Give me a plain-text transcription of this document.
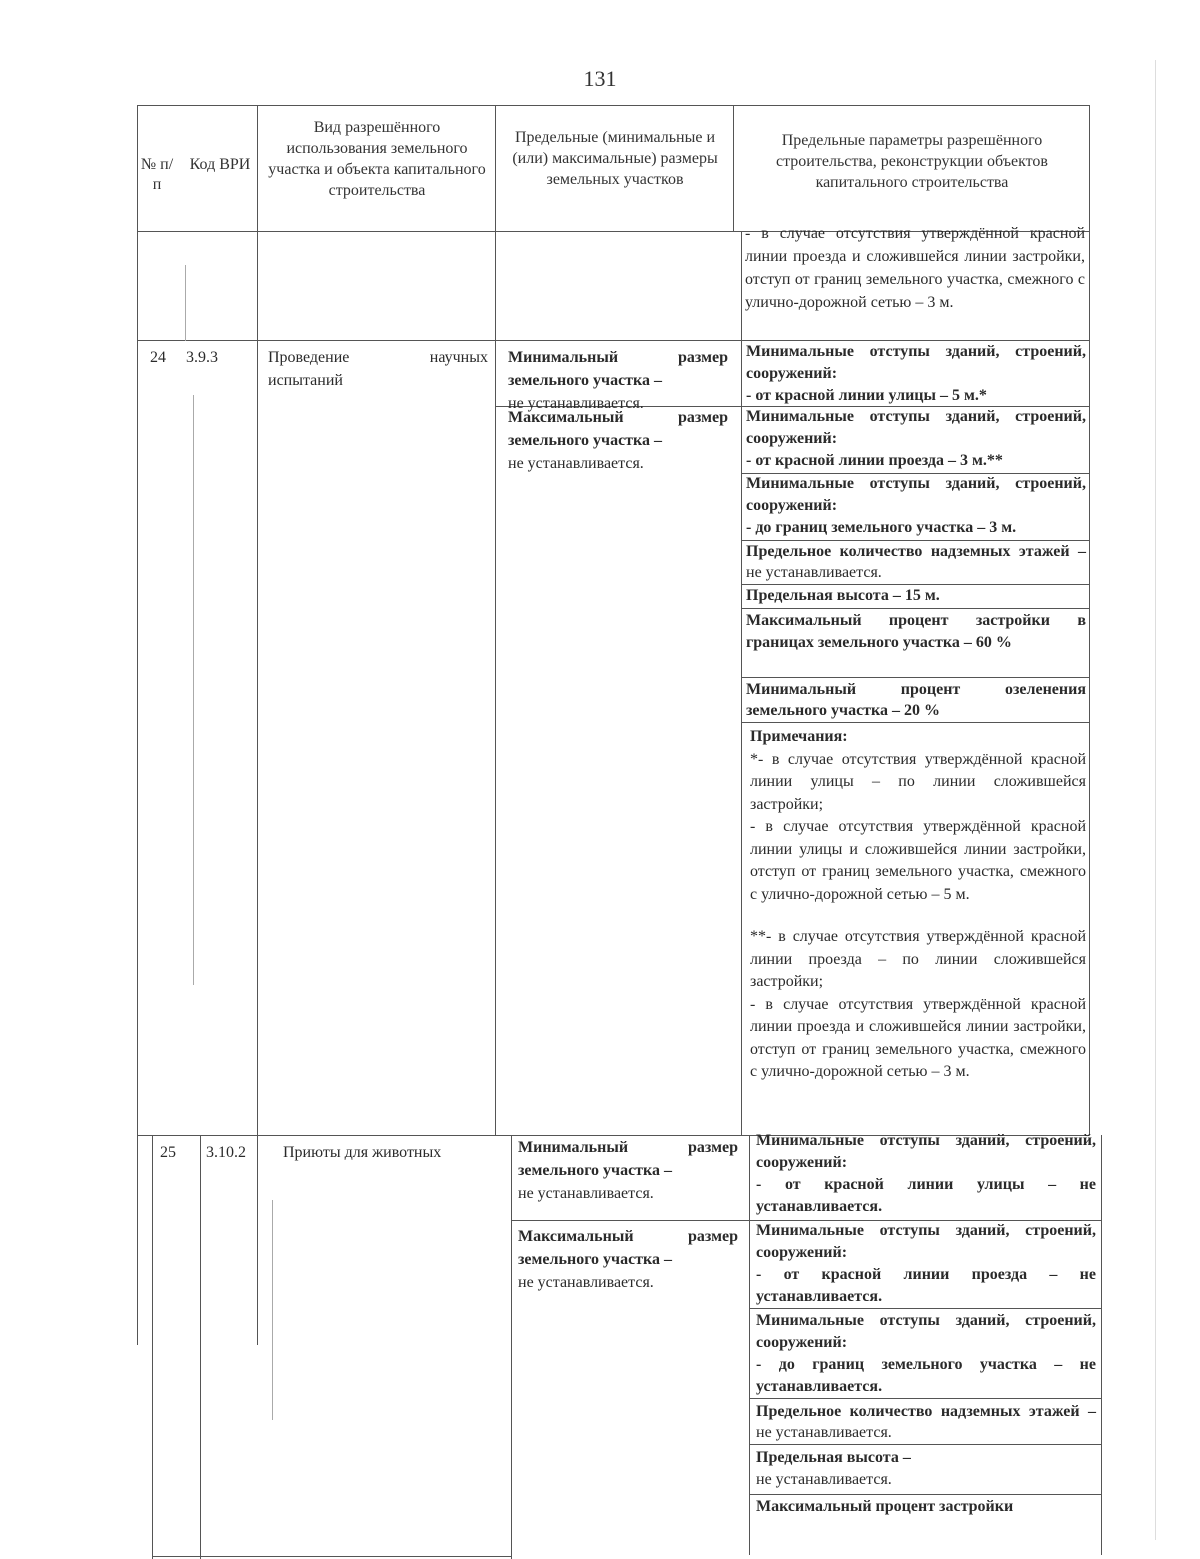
131
№ п/п
Код ВРИ
Вид разрешённого использования земельного участка и объекта капитального строительства
Предельные (минимальные и (или) максимальные) размеры земельных участков
Предельные параметры разрешённого строительства, реконструкции объектов капитального строительства
- в случае отсутствия утверждённой красной линии проезда и сложившейся линии застройки, отступ от границ земельного участка, смежного с улично-дорожной сетью – 3 м.
24 3.9.3	Проведение научных испытаний
Минимальный размер земельного участка –
не устанавливается.
Максимальный размер земельного участка –
не устанавливается.
Минимальные отступы зданий, строений, сооружений:
- от красной линии улицы – 5 м.*
Минимальные отступы зданий, строений, сооружений:
- от красной линии проезда – 3 м.**
Минимальные отступы зданий, строений, сооружений:
- до границ земельного участка – 3 м.
Предельное количество надземных этажей – не устанавливается.
Предельная высота – 15 м.
Максимальный процент застройки в границах земельного участка – 60 %
Минимальный процент озеленения земельного участка – 20 %
Примечания:
*- в случае отсутствия утверждённой красной линии улицы – по линии сложившейся застройки;
- в случае отсутствия утверждённой красной линии улицы и сложившейся линии застройки, отступ от границ земельного участка, смежного с улично-дорожной сетью – 5 м.
**- в случае отсутствия утверждённой красной линии проезда – по линии сложившейся застройки;
- в случае отсутствия утверждённой красной линии проезда и сложившейся линии застройки, отступ от границ земельного участка, смежного с улично-дорожной сетью – 3 м.
25 3.10.2 Приюты для животных	Минимальный размер земельного участка –
не устанавливается.
Максимальный размер земельного участка –
не устанавливается.
Минимальные отступы зданий, строений, сооружений:
- от красной линии улицы – не устанавливается.
Минимальные отступы зданий, строений, сооружений:
- от красной линии проезда – не устанавливается.
Минимальные отступы зданий, строений, сооружений:
- до границ земельного участка – не устанавливается.
Предельное количество надземных этажей – не устанавливается.
Предельная высота –
не устанавливается.
Максимальный процент застройки
